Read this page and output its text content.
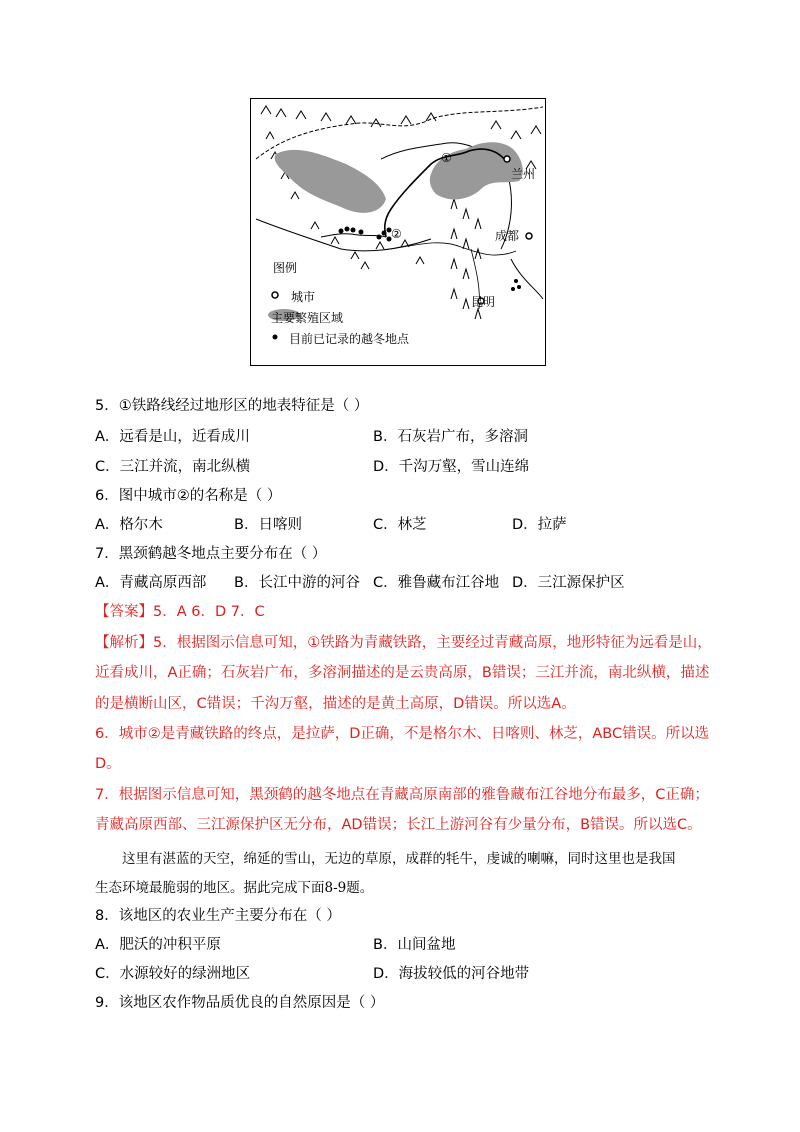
①
②
兰州
成都
昆明
图例
城市
主要繁殖区域
目前已记录的越冬地点
5．①铁路线经过地形区的地表特征是（ ）
A．远看是山，近看成川	B．石灰岩广布，多溶洞
C．三江并流，南北纵横	D．千沟万壑，雪山连绵
6．图中城市②的名称是（ ）
A．格尔木	B．日喀则	C．林芝	D．拉萨
7．黑颈鹤越冬地点主要分布在（ ）
A．青藏高原西部 B．长江中游的河谷 C．雅鲁藏布江谷地 D．三江源保护区
【答案】5．A 6．D 7．C
【解析】5．根据图示信息可知，①铁路为青藏铁路，主要经过青藏高原，地形特征为远看是山，
近看成川，A正确；石灰岩广布，多溶洞描述的是云贵高原，B错误；三江并流，南北纵横，描述
的是横断山区，C错误；千沟万壑，描述的是黄土高原，D错误。所以选A。
6．城市②是青藏铁路的终点，是拉萨，D正确，不是格尔木、日喀则、林芝，ABC错误。所以选
D。
7．根据图示信息可知，黑颈鹤的越冬地点在青藏高原南部的雅鲁藏布江谷地分布最多，C正确；
青藏高原西部、三江源保护区无分布，AD错误；长江上游河谷有少量分布，B错误。所以选C。
这里有湛蓝的天空，绵延的雪山，无边的草原，成群的牦牛，虔诚的喇嘛，同时这里也是我国
生态环境最脆弱的地区。据此完成下面8-9题。
8．该地区的农业生产主要分布在（ ）
A．肥沃的冲积平原	B．山间盆地
C．水源较好的绿洲地区	D．海拔较低的河谷地带
9．该地区农作物品质优良的自然原因是（ ）
